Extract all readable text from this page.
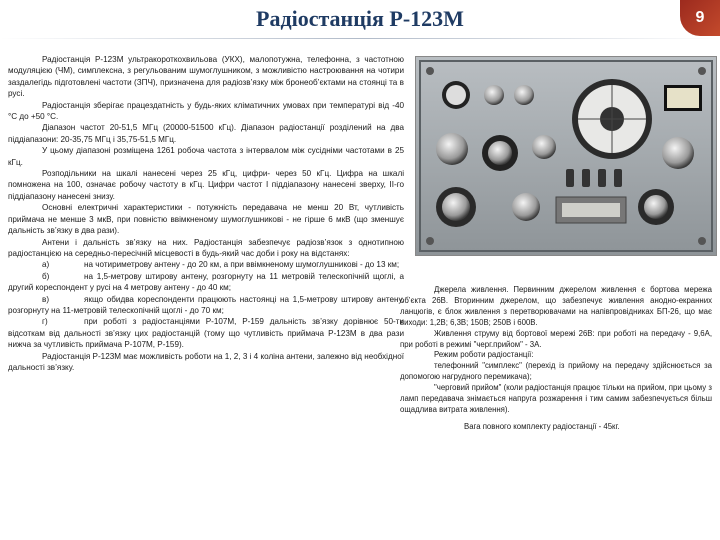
Радіостанція Р-123М	9

Радіостанція Р-123М ультракороткохвильова (УКХ), малопотужна, телефонна, з частотною модуляцією (ЧМ), симплексна, з регульованим шумоглушником, з можливістю настроювання на чотири заздалегідь підготовлені частоти (ЗПЧ), призначена для радіозв’язку між бронеоб’єктами на стоянці та в русі.

Радіостанція зберігає працездатність у будь-яких кліматичних умовах при температурі від -40 °С до +50 °С.

Діапазон частот 20-51,5 МГц (20000-51500 кГц). Діапазон радіостанції розділений на два піддіапазони: 20-35,75 МГц і 35,75-51,5 МГц.

У цьому діапазоні розміщена 1261 робоча частота з інтервалом між сусідніми частотами в 25 кГц.

Розподільники на шкалі нанесені через 25 кГц, цифри- через 50 кГц. Цифра на шкалі помножена на 100, означає робочу частоту в кГц. Цифри частот І піддіапазону нанесені зверху, ІІ-го піддіапазону нанесені знизу.

Основні електричні характеристики - потужність передавача не менш 20 Вт, чутливість приймача не менше 3 мкВ, при повністю ввімкненому шумоглушникові - не гірше 6 мкВ (що зменшує дальність зв’язку в два рази).

Антени і дальність зв’язку на них. Радіостанція забезпечує радіозв’язок з однотипною радіостанцією на середньо-пересічній місцевості в будь-який час доби і року на відстанях:

а)	на чотириметрову антену - до 20 км, а при ввімкненому шумоглушникові - до 13 км;

б)	на 1,5-метрову штирову антену, розгорнуту на 11 метровій телескопічній щоглі, а другий кореспондент у русі на 4 метрову антену - до 40 км;

в)	якщо обидва кореспонденти працюють настоянці на 1,5-метрову штирову антену, розгорнуту на 11-метровій телескопічній щоглі - до 70 км;

г)	при роботі з радіостанціями Р-107М, Р-159 дальність зв’язку дорівнює 50-ти відсоткам від дальності зв’язку цих радіостанцій (тому що чутливість приймача Р-123М в два рази нижча за чутливість приймача Р-107М, Р-159).

Радіостанція Р-123М має можливість роботи на 1, 2, 3 і 4 коліна антени, залежно від необхідної дальності зв’язку.

Джерела живлення. Первинним джерелом живлення є бортова мережа об’єкта 26В. Вторинним джерелом, що забезпечує живлення анодно-екранних ланцюгів, є блок живлення з перетворювачами на напівпровідниках БП-26, що має виходи: 1,2В; 6,3В; 150В; 250В і 600В.

Живлення струму від бортової мережі 26В: при роботі на передачу - 9,6А, при роботі в режимі "черг.прийом" - 3А.

Режим роботи радіостанції:

телефонний "симплекс" (перехід із прийому на передачу здійснюється за допомогою нагрудного перемикача);

"черговий прийом" (коли радіостанція працює тільки на прийом, при цьому з ламп передавача знімається напруга розжарення і тим самим забезпечується більш ощадлива витрата живлення).

Вага повного комплекту радіостанції - 45кг.
